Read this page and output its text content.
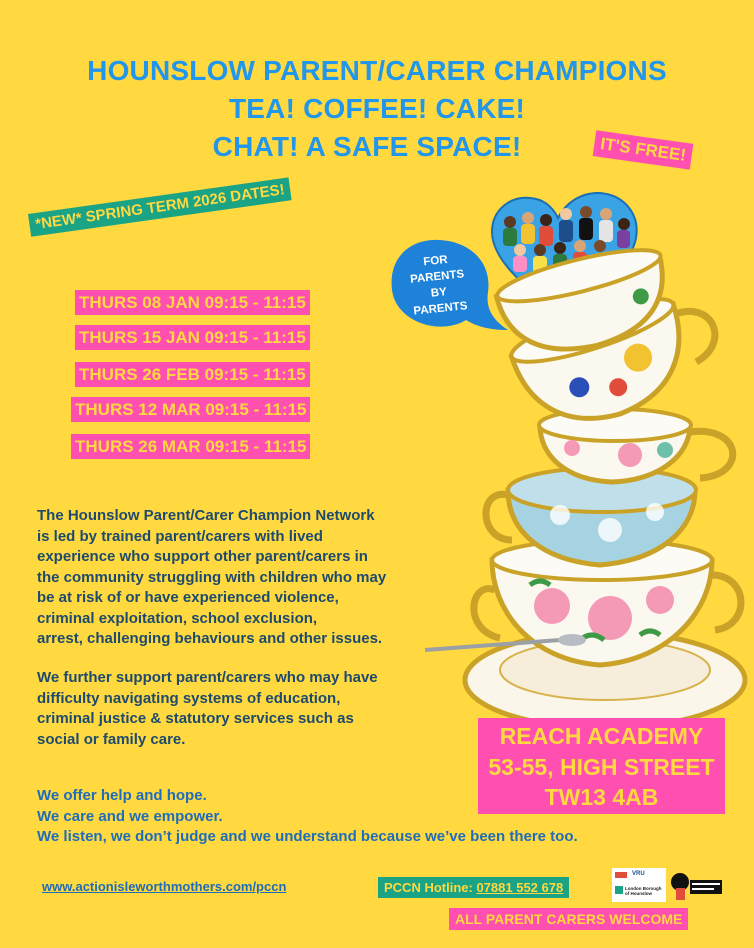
HOUNSLOW PARENT/CARER CHAMPIONS
TEA! COFFEE! CAKE!
CHAT! A SAFE SPACE!	IT'S FREE!
*NEW* SPRING TERM 2026 DATES!
FOR
PARENTS
BY
PARENTS
THURS 08 JAN 09:15 - 11:15
THURS 15 JAN 09:15 - 11:15
THURS 26 FEB 09:15 - 11:15
THURS 12 MAR 09:15 - 11:15
THURS 26 MAR 09:15 - 11:15
The Hounslow Parent/Carer Champion Network
is led by trained parent/carers with lived
experience who support other parent/carers in
the community struggling with children who may
be at risk of or have experienced violence,
criminal exploitation, school exclusion,
arrest, challenging behaviours and other issues.
We further support parent/carers who may have
difficulty navigating systems of education,
criminal justice & statutory services such as
social or family care.
We offer help and hope.
We care and we empower.
We listen, we don’t judge and we understand because we’ve been there too.
REACH ACADEMY
53-55, HIGH STREET
TW13 4AB
www.actionisleworthmothers.com/pccn	PCCN Hotline: 07881 552 678
ALL PARENT CARERS WELCOME
VRU
London Borough of Hounslow
